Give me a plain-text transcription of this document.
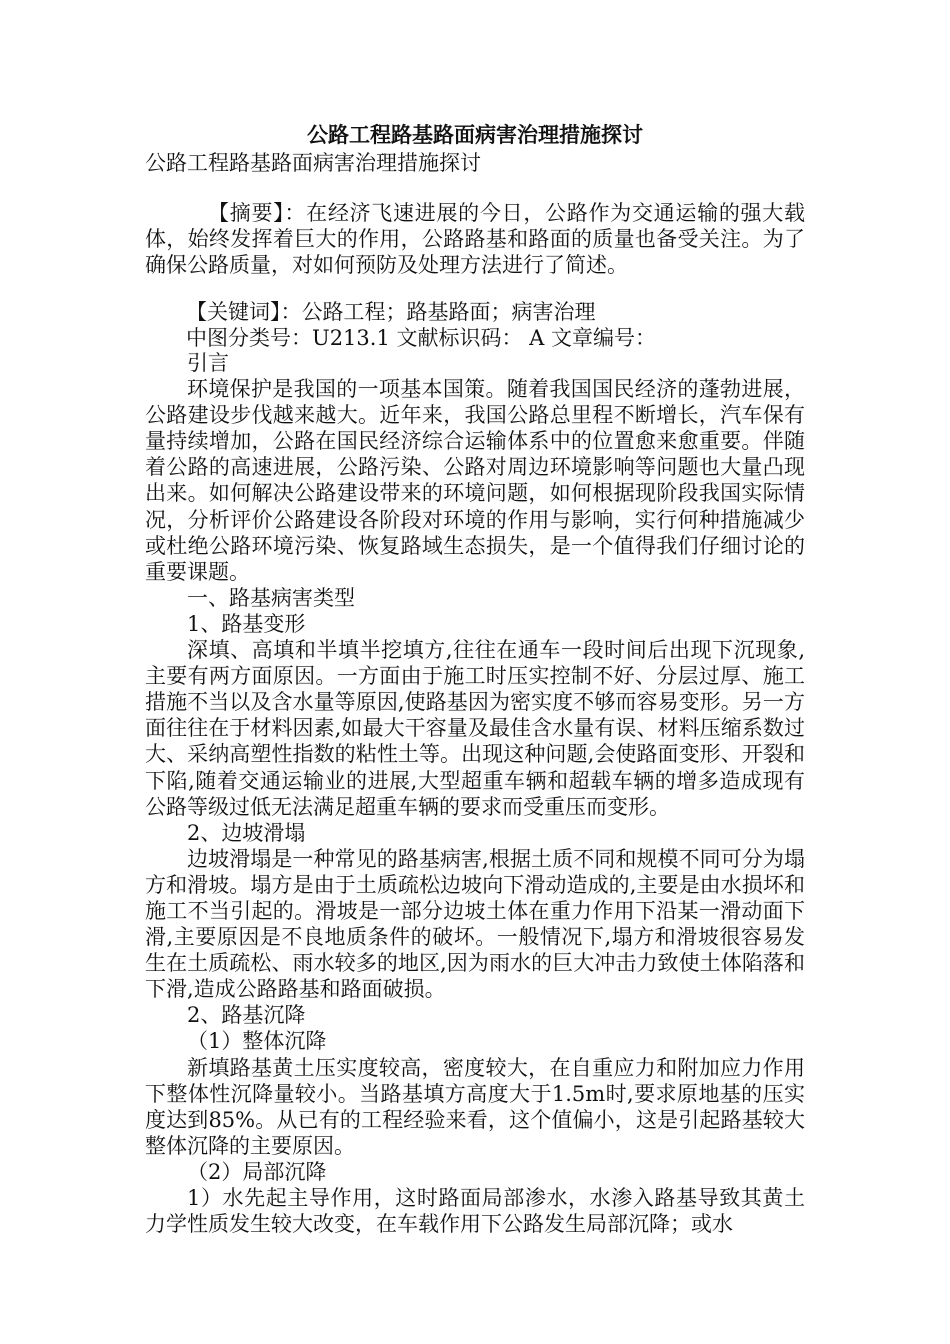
公路工程路基路面病害治理措施探讨
公路工程路基路面病害治理措施探讨

【摘要】：在经济飞速进展的今日，公路作为交通运输的强大载体，始终发挥着巨大的作用，公路路基和路面的质量也备受关注。为了确保公路质量，对如何预防及处理方法进行了简述。

【关键词】：公路工程；路基路面；病害治理
中图分类号：U213.1 文献标识码： A 文章编号：

引言

环境保护是我国的一项基本国策。随着我国国民经济的蓬勃进展，公路建设步伐越来越大。近年来，我国公路总里程不断增长，汽车保有量持续增加，公路在国民经济综合运输体系中的位置愈来愈重要。伴随着公路的高速进展，公路污染、公路对周边环境影响等问题也大量凸现出来。如何解决公路建设带来的环境问题，如何根据现阶段我国实际情况，分析评价公路建设各阶段对环境的作用与影响，实行何种措施减少或杜绝公路环境污染、恢复路域生态损失，是一个值得我们仔细讨论的重要课题。

一、路基病害类型

1、路基变形

深填、高填和半填半挖填方,往往在通车一段时间后出现下沉现象,主要有两方面原因。一方面由于施工时压实控制不好、分层过厚、施工措施不当以及含水量等原因,使路基因为密实度不够而容易变形。另一方面往往在于材料因素,如最大干容量及最佳含水量有误、材料压缩系数过大、采纳高塑性指数的粘性土等。出现这种问题,会使路面变形、开裂和下陷,随着交通运输业的进展,大型超重车辆和超载车辆的增多造成现有公路等级过低无法满足超重车辆的要求而受重压而变形。

2、边坡滑塌

边坡滑塌是一种常见的路基病害,根据土质不同和规模不同可分为塌方和滑坡。塌方是由于土质疏松边坡向下滑动造成的,主要是由水损坏和施工不当引起的。滑坡是一部分边坡土体在重力作用下沿某一滑动面下滑,主要原因是不良地质条件的破坏。一般情况下,塌方和滑坡很容易发生在土质疏松、雨水较多的地区,因为雨水的巨大冲击力致使土体陷落和下滑,造成公路路基和路面破损。

2、路基沉降

（1）整体沉降

新填路基黄土压实度较高，密度较大，在自重应力和附加应力作用下整体性沉降量较小。当路基填方高度大于1.5m时,要求原地基的压实度达到85%。从已有的工程经验来看，这个值偏小，这是引起路基较大整体沉降的主要原因。

（2）局部沉降

1）水先起主导作用，这时路面局部渗水，水渗入路基导致其黄土力学性质发生较大改变，在车载作用下公路发生局部沉降；或水
